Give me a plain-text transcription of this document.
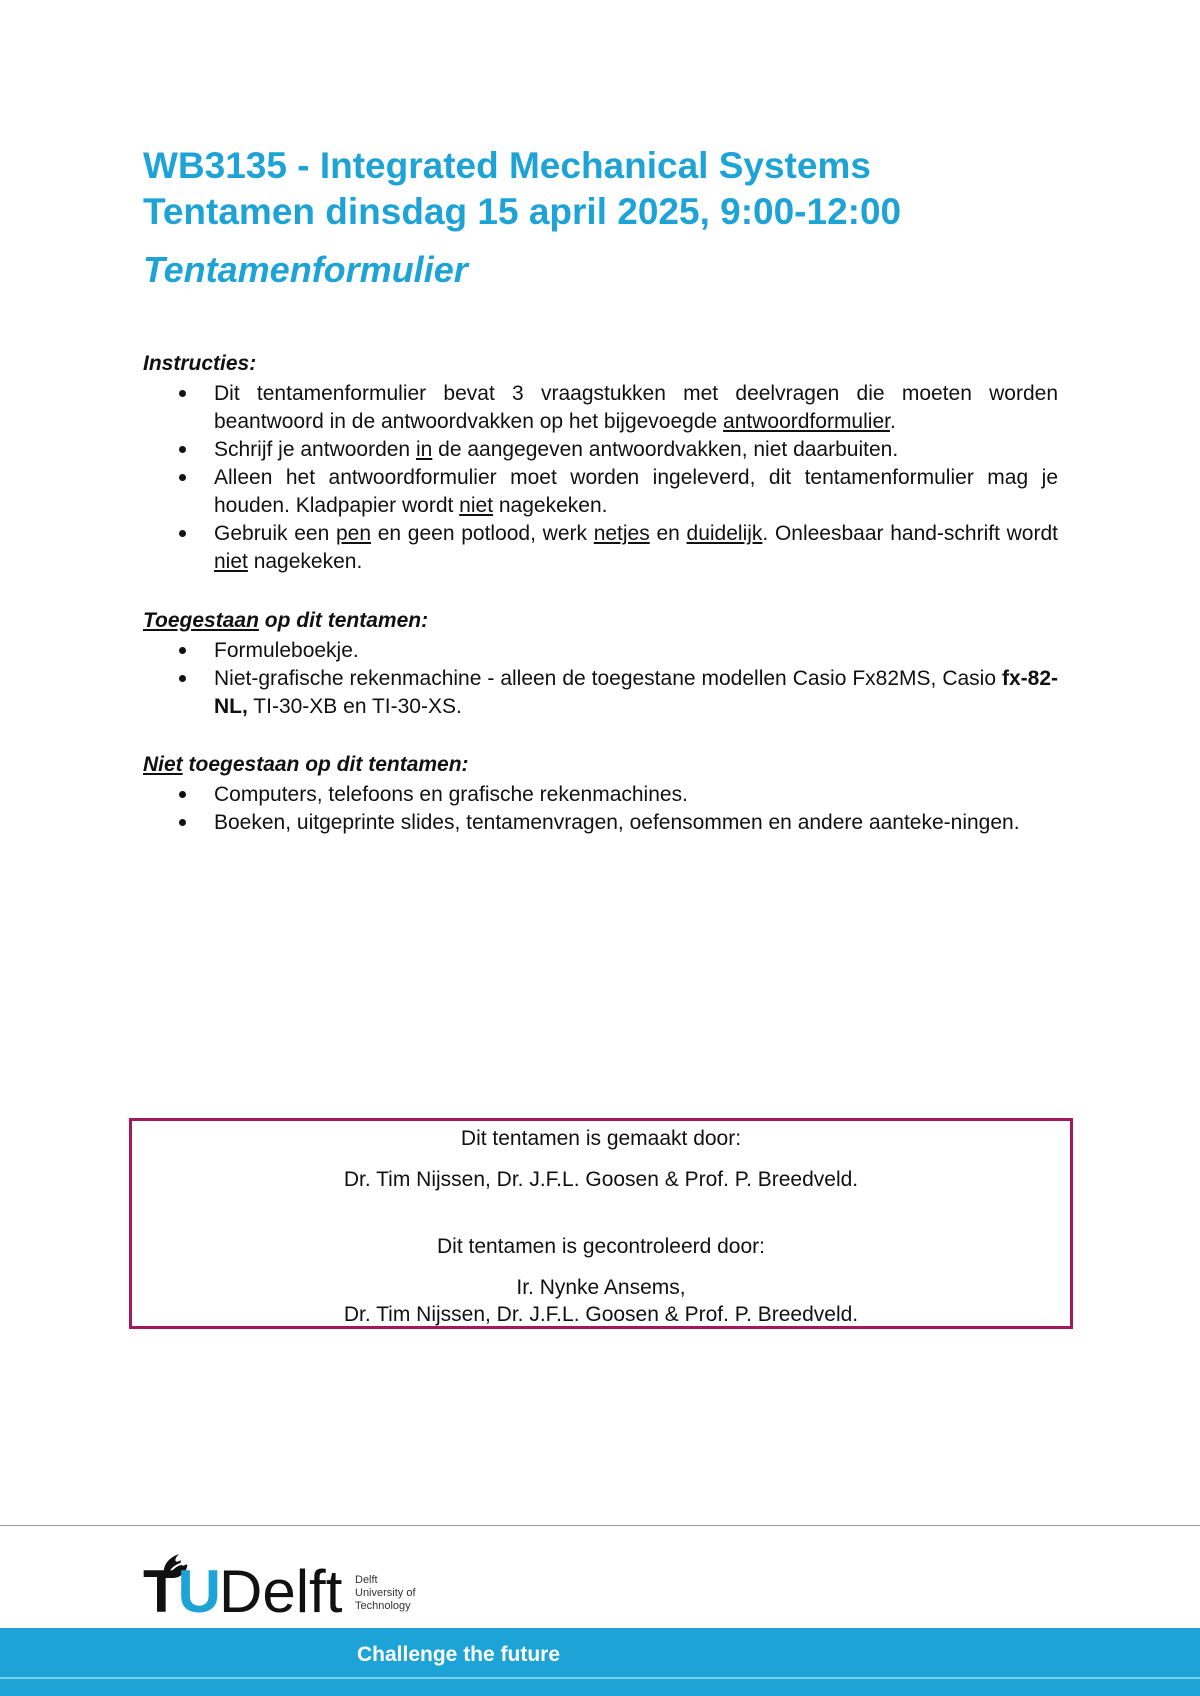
WB3135 - Integrated Mechanical Systems
Tentamen dinsdag 15 april 2025, 9:00-12:00
Tentamenformulier
Instructies:
Dit tentamenformulier bevat 3 vraagstukken met deelvragen die moeten worden beantwoord in de antwoordvakken op het bijgevoegde antwoordformulier.
Schrijf je antwoorden in de aangegeven antwoordvakken, niet daarbuiten.
Alleen het antwoordformulier moet worden ingeleverd, dit tentamenformulier mag je houden. Kladpapier wordt niet nagekeken.
Gebruik een pen en geen potlood, werk netjes en duidelijk. Onleesbaar hand-schrift wordt niet nagekeken.
Toegestaan op dit tentamen:
Formuleboekje.
Niet-grafische rekenmachine - alleen de toegestane modellen Casio Fx82MS, Casio fx-82-NL, TI-30-XB en TI-30-XS.
Niet toegestaan op dit tentamen:
Computers, telefoons en grafische rekenmachines.
Boeken, uitgeprinte slides, tentamenvragen, oefensommen en andere aanteke-ningen.

Dit tentamen is gemaakt door:

Dr. Tim Nijssen, Dr. J.F.L. Goosen & Prof. P. Breedveld.

Dit tentamen is gecontroleerd door:

Ir. Nynke Ansems,

Dr. Tim Nijssen, Dr. J.F.L. Goosen & Prof. P. Breedveld.

TUDelft Delft
University of
Technology
Challenge the future
